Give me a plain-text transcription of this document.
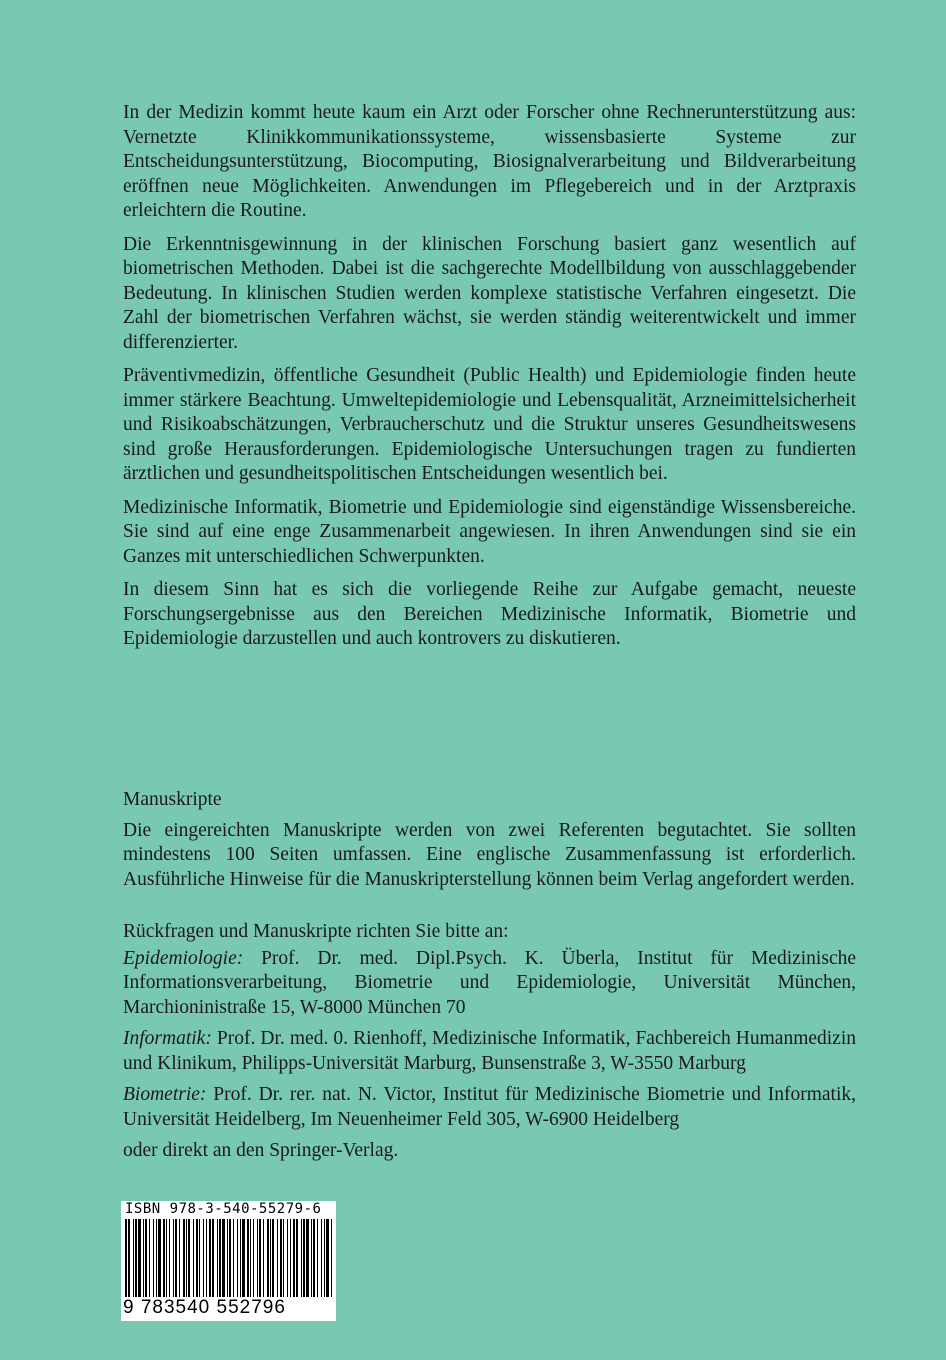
In der Medizin kommt heute kaum ein Arzt oder Forscher ohne Rechnerunterstützung aus: Vernetzte Klinikkommunikationssysteme, wissensbasierte Systeme zur Entscheidungsunterstützung, Biocomputing, Biosignalverarbeitung und Bildverarbeitung eröffnen neue Möglichkeiten. Anwendungen im Pflegebereich und in der Arztpraxis erleichtern die Routine.

Die Erkenntnisgewinnung in der klinischen Forschung basiert ganz wesentlich auf biometrischen Methoden. Dabei ist die sachgerechte Modellbildung von ausschlaggebender Bedeutung. In klinischen Studien werden komplexe statistische Verfahren eingesetzt. Die Zahl der biometrischen Verfahren wächst, sie werden ständig weiterentwickelt und immer differenzierter.

Präventivmedizin, öffentliche Gesundheit (Public Health) und Epidemiologie finden heute immer stärkere Beachtung. Umweltepidemiologie und Lebensqualität, Arzneimittelsicherheit und Risikoabschätzungen, Verbraucherschutz und die Struktur unseres Gesundheitswesens sind große Herausforderungen. Epidemiologische Untersuchungen tragen zu fundierten ärztlichen und gesundheitspolitischen Entscheidungen wesentlich bei.

Medizinische Informatik, Biometrie und Epidemiologie sind eigenständige Wissensbereiche. Sie sind auf eine enge Zusammenarbeit angewiesen. In ihren Anwendungen sind sie ein Ganzes mit unterschiedlichen Schwerpunkten.

In diesem Sinn hat es sich die vorliegende Reihe zur Aufgabe gemacht, neueste Forschungsergebnisse aus den Bereichen Medizinische Informatik, Biometrie und Epidemiologie darzustellen und auch kontrovers zu diskutieren.

Manuskripte

Die eingereichten Manuskripte werden von zwei Referenten begutachtet. Sie sollten mindestens 100 Seiten umfassen. Eine englische Zusammenfassung ist erforderlich. Ausführliche Hinweise für die Manuskripterstellung können beim Verlag angefordert werden.

Rückfragen und Manuskripte richten Sie bitte an:

Epidemiologie: Prof. Dr. med. Dipl.Psych. K. Überla, Institut für Medizinische Informationsverarbeitung, Biometrie und Epidemiologie, Universität München, Marchioninistraße 15, W-8000 München 70

Informatik: Prof. Dr. med. 0. Rienhoff, Medizinische Informatik, Fachbereich Humanmedizin und Klinikum, Philipps-Universität Marburg, Bunsenstraße 3, W-3550 Marburg

Biometrie: Prof. Dr. rer. nat. N. Victor, Institut für Medizinische Biometrie und Informatik, Universität Heidelberg, Im Neuenheimer Feld 305, W-6900 Heidelberg

oder direkt an den Springer-Verlag.

ISBN 978-3-540-55279-6
9 783540 552796
